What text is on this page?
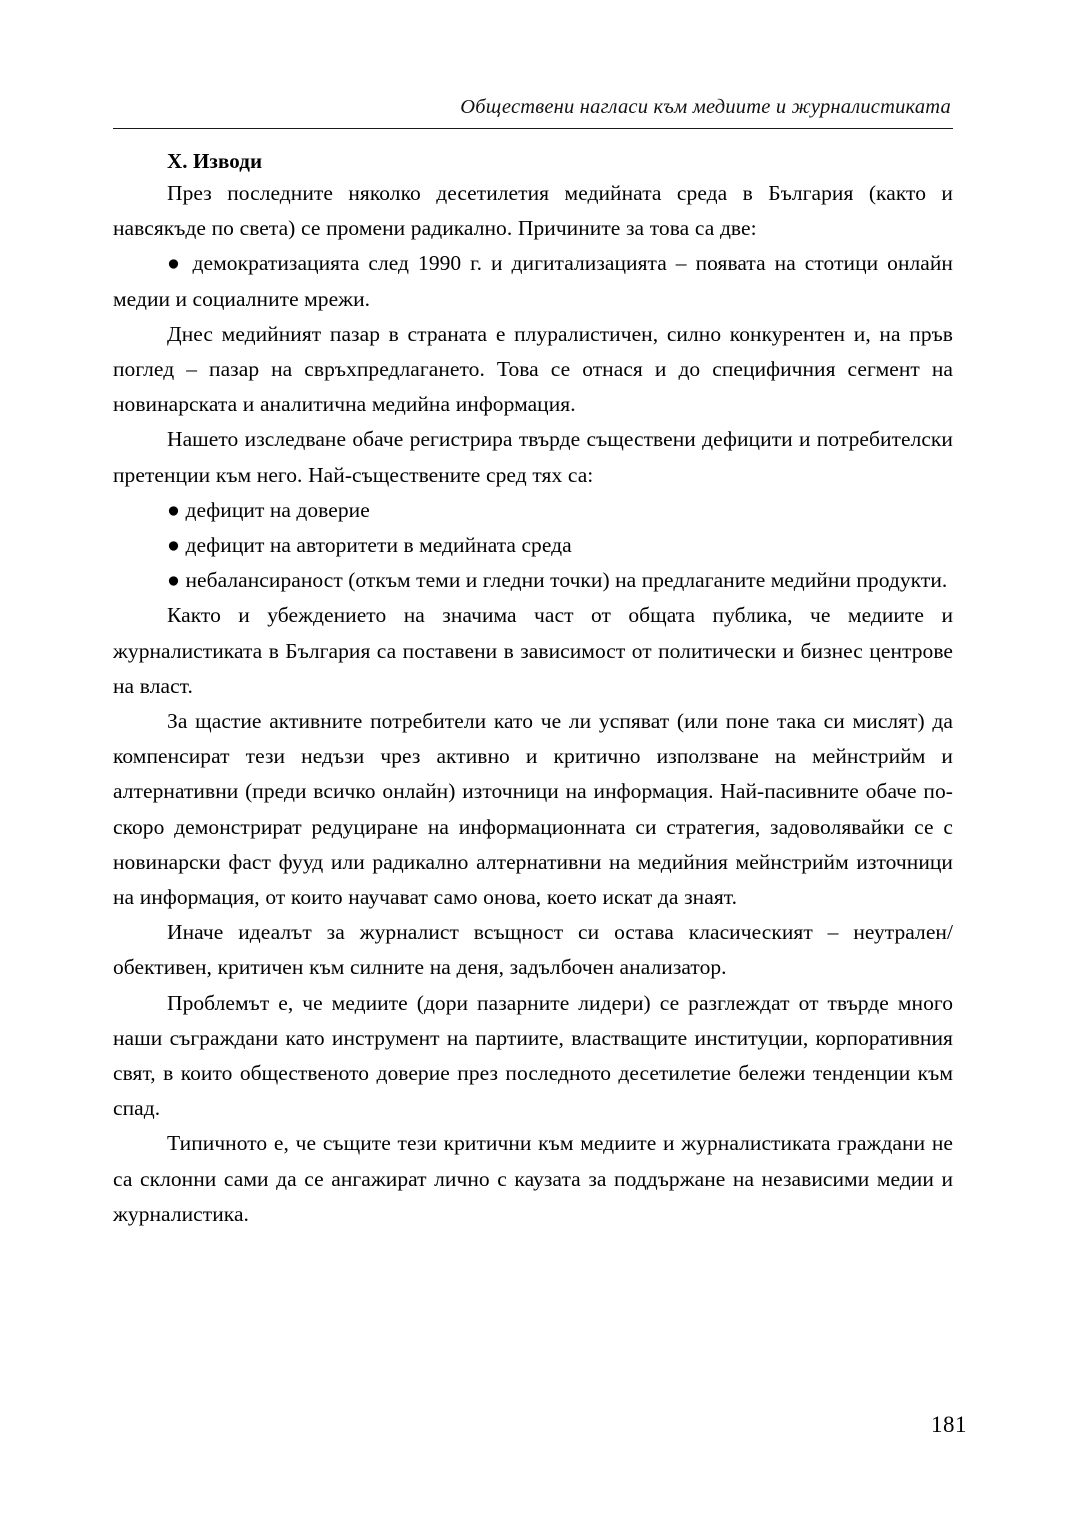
Обществени нагласи към медиите и журналистиката
X. Изводи

През последните няколко десетилетия медийната среда в България (както и навсякъде по света) се промени радикално. Причините за това са две:

● демократизацията след 1990 г. и дигитализацията – появата на стотици онлайн медии и социалните мрежи.

Днес медийният пазар в страната е плуралистичен, силно конкурентен и, на пръв поглед – пазар на свръхпредлагането. Това се отнася и до специфичния сегмент на новинарската и аналитична медийна информация.

Нашето изследване обаче регистрира твърде съществени дефицити и потребителски претенции към него. Най-съществените сред тях са:

● дефицит на доверие

● дефицит на авторитети в медийната среда

● небалансираност (откъм теми и гледни точки) на предлаганите медийни продукти.

Както и убеждението на значима част от общата публика, че медиите и журналистиката в България са поставени в зависимост от политически и бизнес центрове на власт.

За щастие активните потребители като че ли успяват (или поне така си мислят) да компенсират тези недъзи чрез активно и критично използване на мейнстрийм и алтернативни (преди всичко онлайн) източници на информация. Най-пасивните обаче по-скоро демонстрират редуциране на информационната си стратегия, задоволявайки се с новинарски фаст фууд или радикално алтернативни на медийния мейнстрийм източници на информация, от които научават само онова, което искат да знаят.

Иначе идеалът за журналист всъщност си остава класическият – неутрален/обективен, критичен към силните на деня, задълбочен анализатор.

Проблемът е, че медиите (дори пазарните лидери) се разглеждат от твърде много наши съграждани като инструмент на партиите, властващите институции, корпоративния свят, в които общественото доверие през последното десетилетие бележи тенденции към спад.

Типичното е, че същите тези критични към медиите и журналистиката граждани не са склонни сами да се ангажират лично с каузата за поддържане на независими медии и журналистика.

181
